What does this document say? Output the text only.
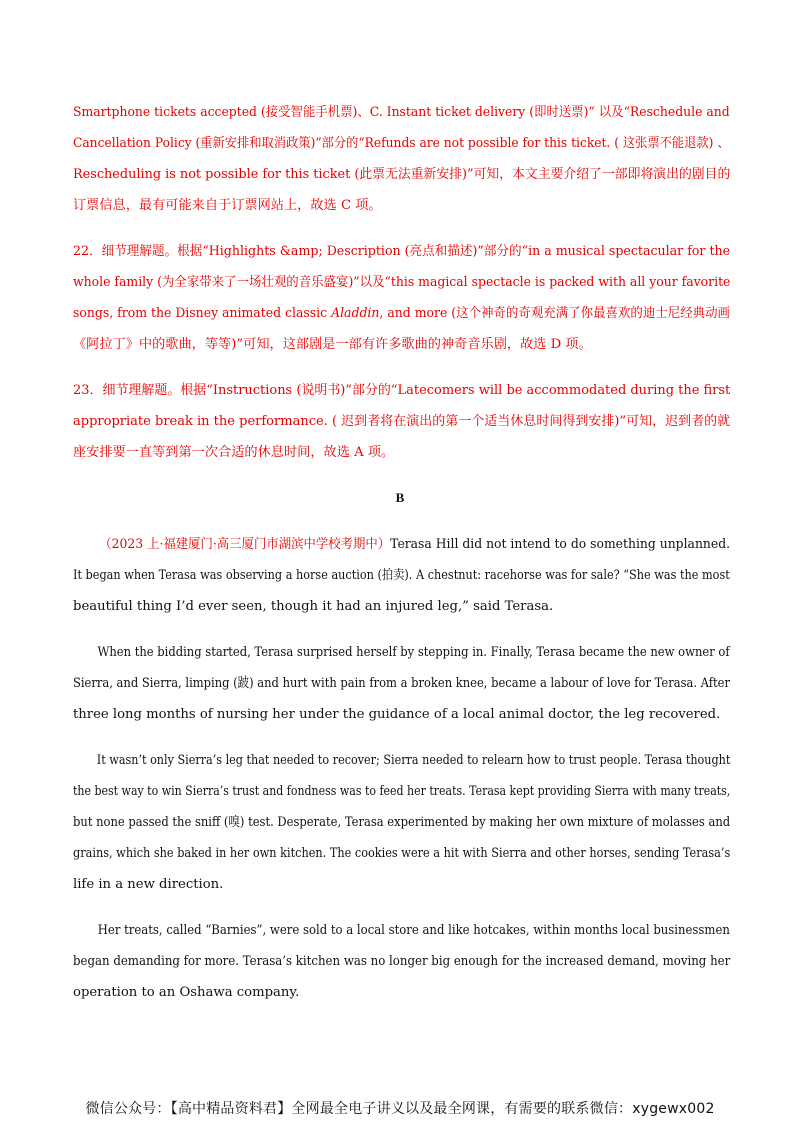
Smartphone tickets accepted (接受智能手机票)、C. Instant ticket delivery (即时送票)” 以及“Reschedule and
Cancellation Policy (重新安排和取消政策)”部分的“Refunds are not possible for this ticket. ( 这张票不能退款) 、
Rescheduling is not possible for this ticket (此票无法重新安排)”可知，本文主要介绍了一部即将演出的剧目的
订票信息，最有可能来自于订票网站上，故选 C 项。

22．细节理解题。根据“Highlights &amp; Description (亮点和描述)”部分的“in a musical spectacular for the
whole family (为全家带来了一场壮观的音乐盛宴)”以及“this magical spectacle is packed with all your favorite
songs, from the Disney animated classic Aladdin, and more (这个神奇的奇观充满了你最喜欢的迪士尼经典动画
《阿拉丁》中的歌曲，等等)”可知，这部剧是一部有许多歌曲的神奇音乐剧，故选 D 项。

23．细节理解题。根据“Instructions (说明书)”部分的“Latecomers will be accommodated during the first
appropriate break in the performance. ( 迟到者将在演出的第一个适当休息时间得到安排)”可知，迟到者的就
座安排要一直等到第一次合适的休息时间，故选 A 项。

B

（2023 上·福建厦门·高三厦门市湖滨中学校考期中）Terasa Hill did not intend to do something unplanned.
It began when Terasa was observing a horse auction (拍卖). A chestnut: racehorse was for sale? “She was the most
beautiful thing I’d ever seen, though it had an injured leg,” said Terasa.

When the bidding started, Terasa surprised herself by stepping in. Finally, Terasa became the new owner of
Sierra, and Sierra, limping (跛) and hurt with pain from a broken knee, became a labour of love for Terasa. After
three long months of nursing her under the guidance of a local animal doctor, the leg recovered.

It wasn’t only Sierra’s leg that needed to recover; Sierra needed to relearn how to trust people. Terasa thought
the best way to win Sierra’s trust and fondness was to feed her treats. Terasa kept providing Sierra with many treats,
but none passed the sniff (嗅) test. Desperate, Terasa experimented by making her own mixture of molasses and
grains, which she baked in her own kitchen. The cookies were a hit with Sierra and other horses, sending Terasa’s
life in a new direction.

Her treats, called “Barnies”, were sold to a local store and like hotcakes, within months local businessmen
began demanding for more. Terasa’s kitchen was no longer big enough for the increased demand, moving her
operation to an Oshawa company.

微信公众号：【高中精品资料君】全网最全电子讲义以及最全网课，有需要的联系微信：xygewx002
